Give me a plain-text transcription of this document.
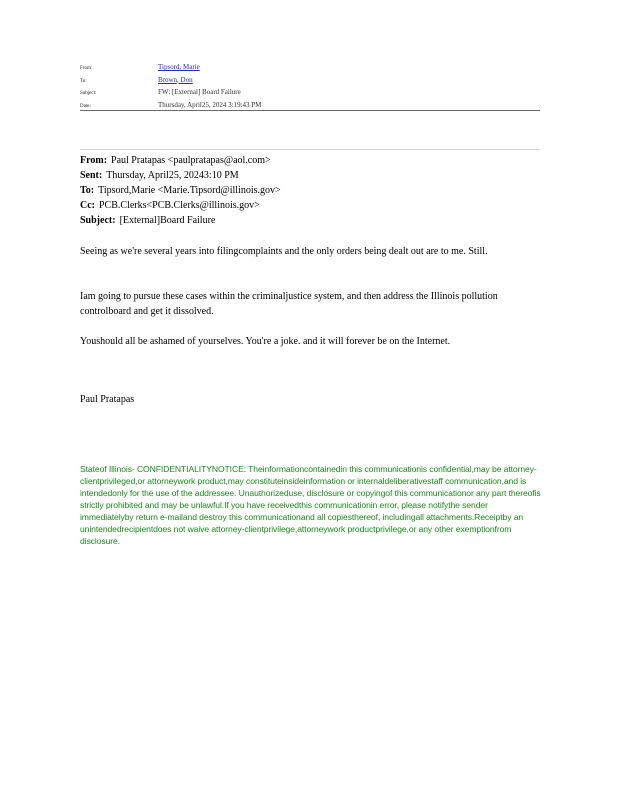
From:	Tipsord, Marie
To:	Brown, Don
Subject:	FW: [External] Board Failure
Date:	Thursday, April25, 2024 3:19:43 PM
From: Paul Pratapas <paulpratapas@aol.com>
Sent: Thursday, April25, 20243:10 PM
To: Tipsord,Marie <Marie.Tipsord@illinois.gov>
Cc: PCB.Clerks<PCB.Clerks@illinois.gov>
Subject: [External]Board Failure

Seeing as we're several years into filingcomplaints and the only orders being dealt out are to me. Still.

Iam going to pursue these cases within the criminaljustice system, and then address the Illinois pollution controlboard and get it dissolved.

Youshould all be ashamed of yourselves. You're a joke. and it will forever be on the Internet.

Paul Pratapas

Stateof Illinois- CONFIDENTIALITYNOTICE: Theinformationcontainedin this communicationis confidential,may be attorney-clientprivileged,or attorneywork product,may constituteinsideinformation or internaldeliberativestaff communication,and is intendedonly for the use of the addressee. Unauthorizeduse, disclosure or copyingof this communicationor any part thereofis strictly prohibited and may be unlawful.If you have receivedthis communicationin error, please notifythe sender immediatelyby return e-mailand destroy this communicationand all copiesthereof, includingall attachments.Receiptby an unintendedrecipientdoes not waive attorney-clientprivilege,attorneywork productprivilege,or any other exemptionfrom disclosure.
